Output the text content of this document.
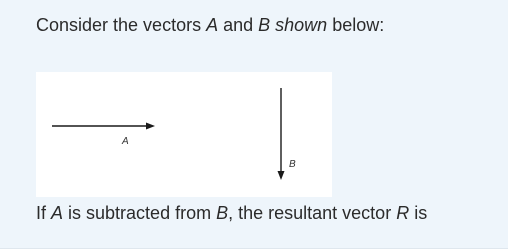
Consider the vectors A and B shown below:
A
B
If A is subtracted from B, the resultant vector R is
